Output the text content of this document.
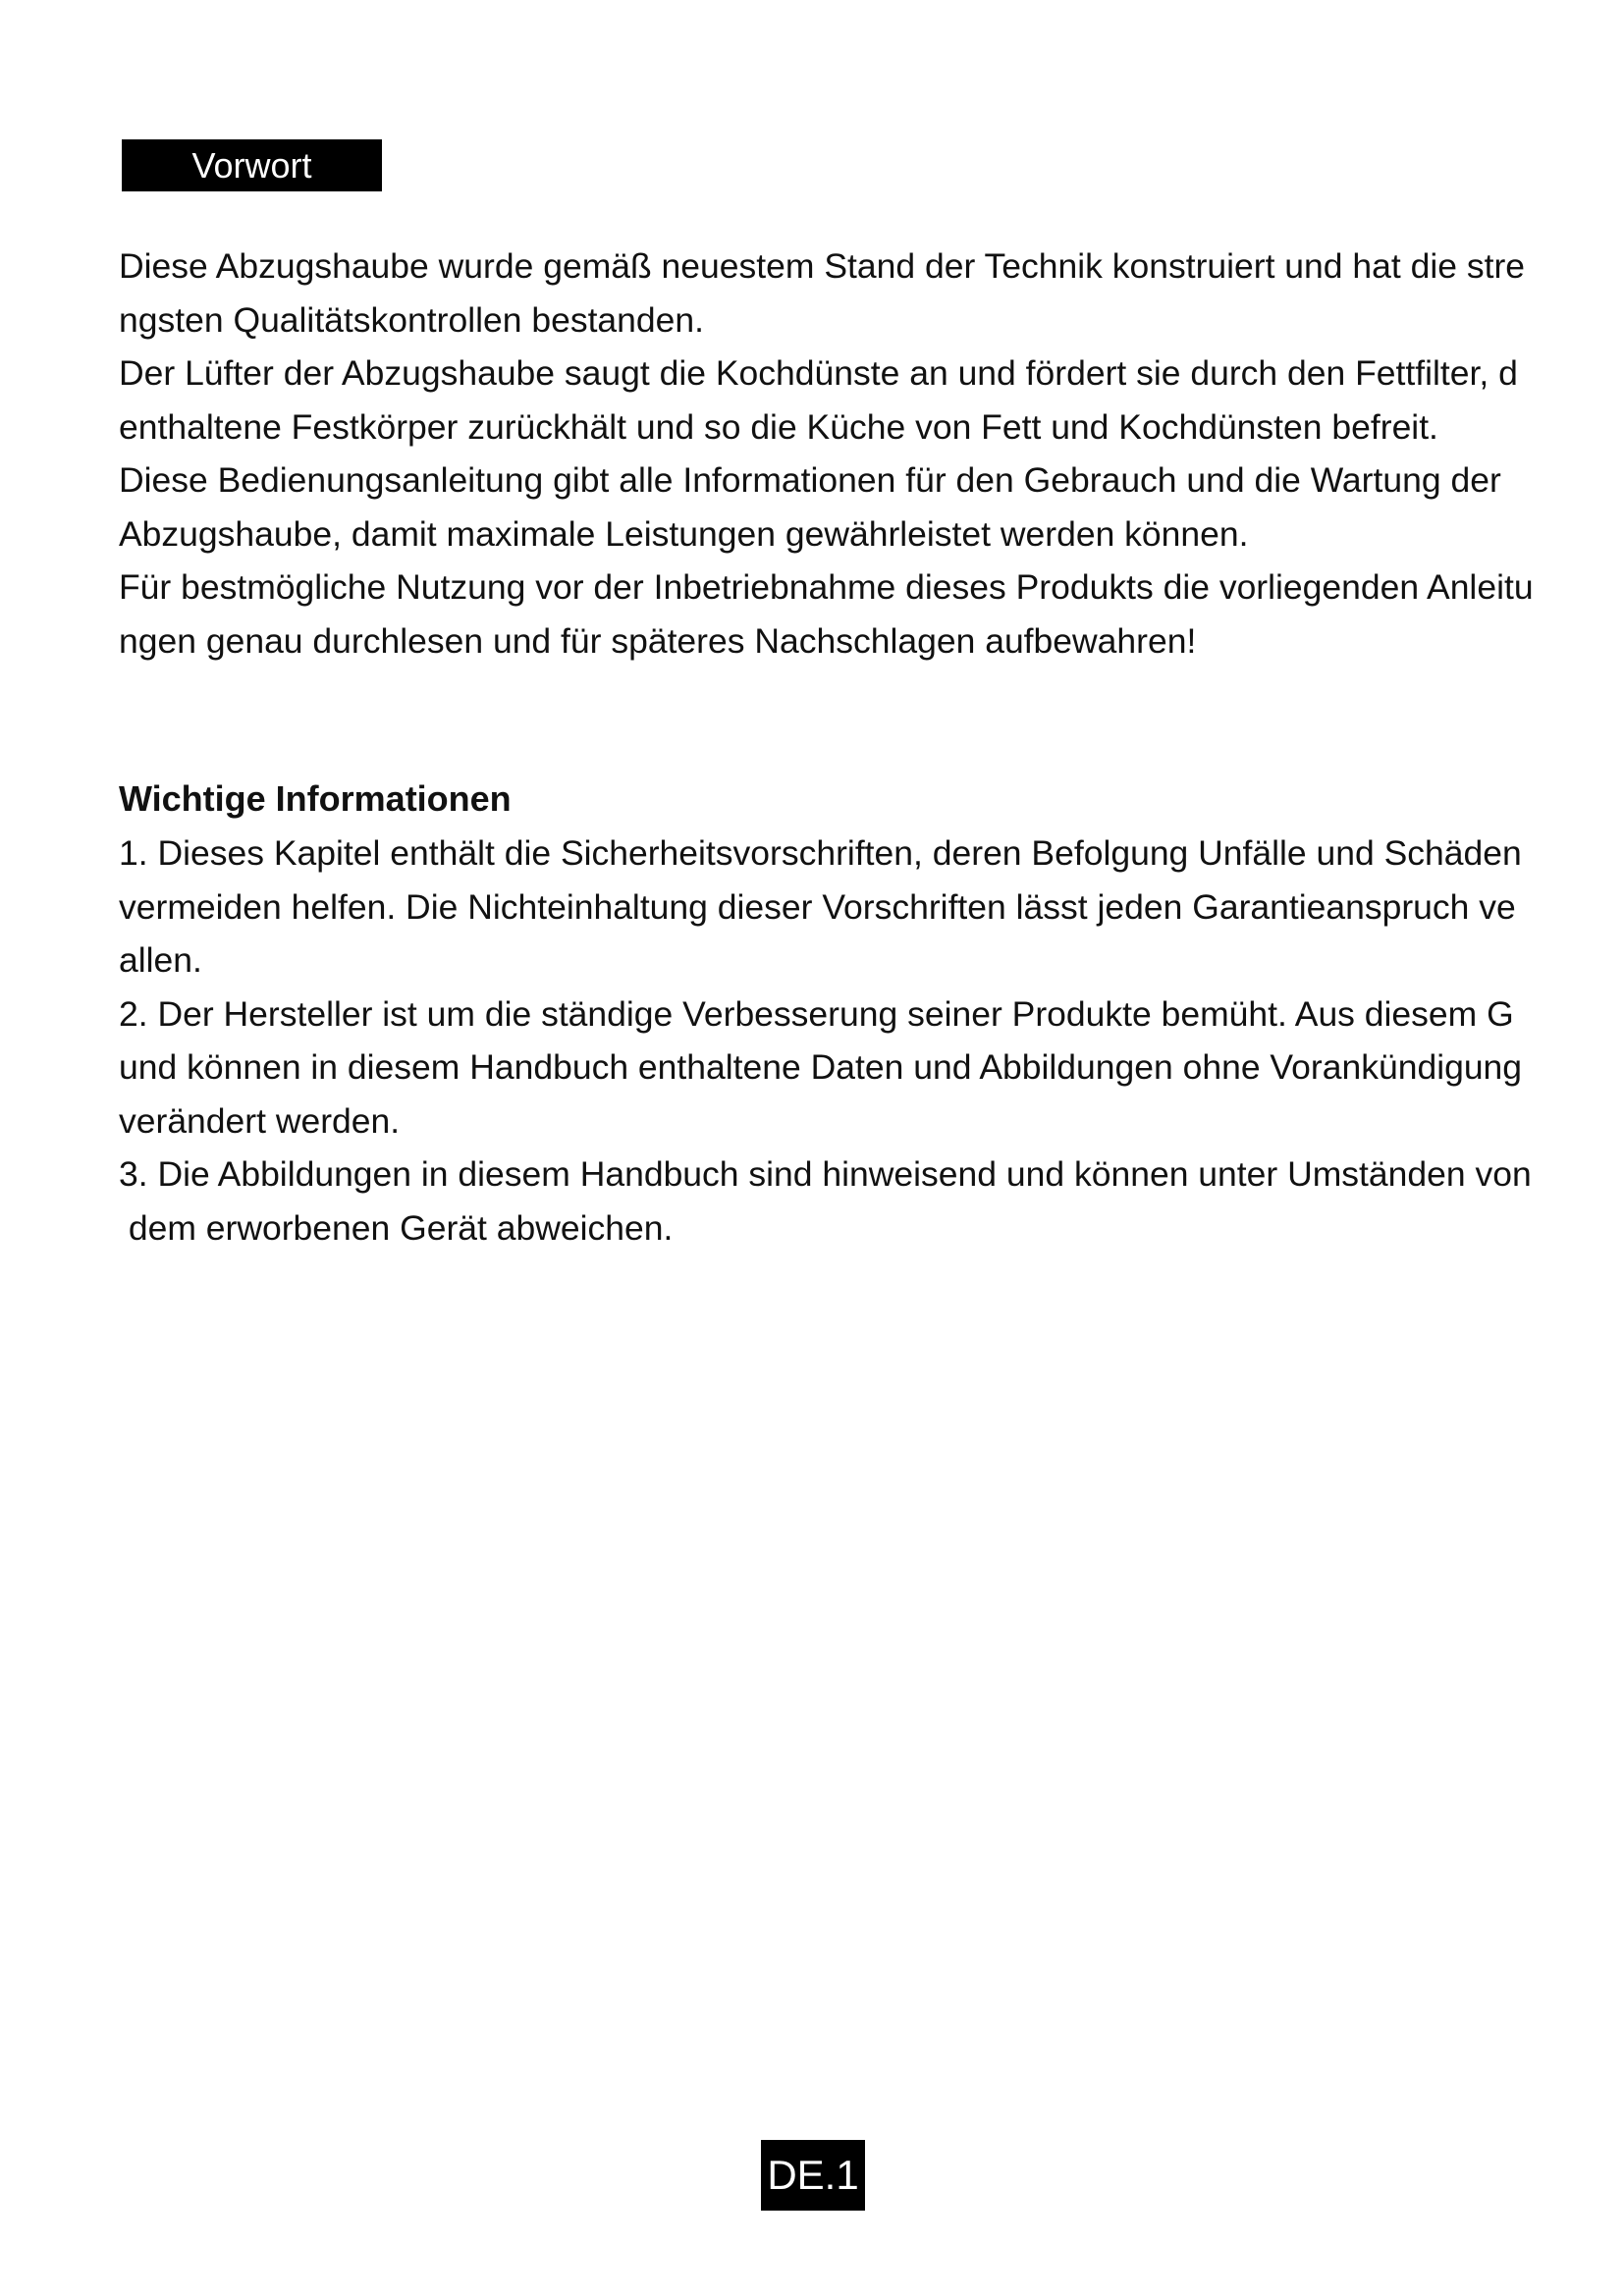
Vorwort
Diese Abzugshaube wurde gemäß neuestem Stand der Technik konstruiert und hat die stre
ngsten Qualitätskontrollen bestanden.
Der Lüfter der Abzugshaube saugt die Kochdünste an und fördert sie durch den Fettfilter, d
enthaltene Festkörper zurückhält und so die Küche von Fett und Kochdünsten befreit.
Diese Bedienungsanleitung gibt alle Informationen für den Gebrauch und die Wartung der
Abzugshaube, damit maximale Leistungen gewährleistet werden können.
Für bestmögliche Nutzung vor der Inbetriebnahme dieses Produkts die vorliegenden Anleitu
ngen genau durchlesen und für späteres Nachschlagen aufbewahren!
Wichtige Informationen
1. Dieses Kapitel enthält die Sicherheitsvorschriften, deren Befolgung Unfälle und Schäden
vermeiden helfen. Die Nichteinhaltung dieser Vorschriften lässt jeden Garantieanspruch ve
allen.
2. Der Hersteller ist um die ständige Verbesserung seiner Produkte bemüht. Aus diesem G
und können in diesem Handbuch enthaltene Daten und Abbildungen ohne Vorankündigung
verändert werden.
3. Die Abbildungen in diesem Handbuch sind hinweisend und können unter Umständen von
dem erworbenen Gerät abweichen.
DE.1
